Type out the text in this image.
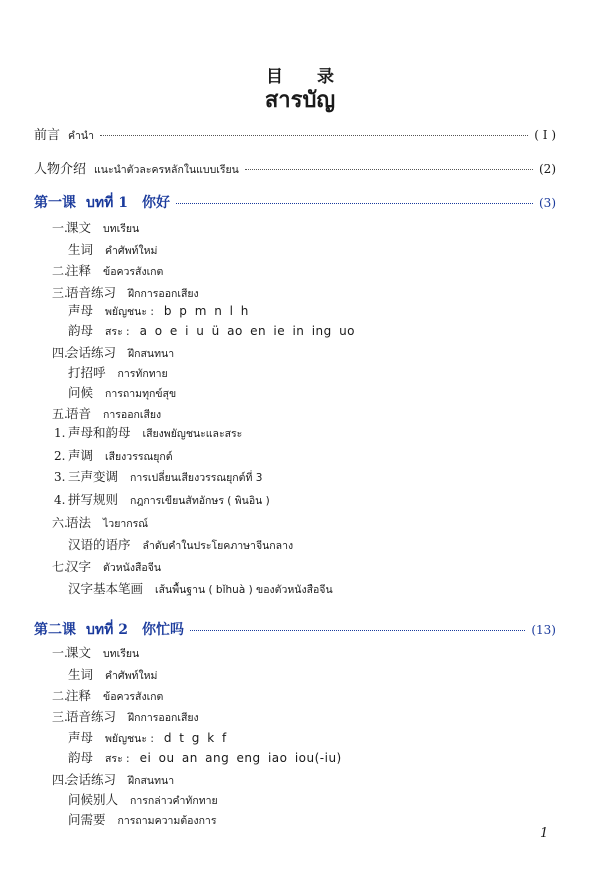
目 录
สารบัญ
前言 คำนำ	( I )
人物介绍 แนะนำตัวละครหลักในแบบเรียน	(2)
第一课 บทที่ 1 你好	(3)
一.
课文 บทเรียน
生词 คำศัพท์ใหม่
二.
注释 ข้อควรสังเกต
三.
语音练习 ฝึกการออกเสียง
声母 พยัญชนะ : b p m n l h
韵母 สระ : a o e i u ü ao en ie in ing uo
四.
会话练习 ฝึกสนทนา
打招呼 การทักทาย
问候 การถามทุกข์สุข
五.
语音 การออกเสียง
1. 声母和韵母 เสียงพยัญชนะและสระ
2. 声调 เสียงวรรณยุกต์
3. 三声变调 การเปลี่ยนเสียงวรรณยุกต์ที่ 3
4. 拼写规则 กฎการเขียนสัทอักษร ( พินอิน )
六.
语法 ไวยากรณ์
汉语的语序 ลำดับคำในประโยคภาษาจีนกลาง
七.
汉字 ตัวหนังสือจีน
汉字基本笔画 เส้นพื้นฐาน ( bǐhuà ) ของตัวหนังสือจีน
第二课 บทที่ 2 你忙吗	(13)
一.
课文 บทเรียน
生词 คำศัพท์ใหม่
二.
注释 ข้อควรสังเกต
三.
语音练习 ฝึกการออกเสียง
声母 พยัญชนะ : d t g k f
韵母 สระ : ei ou an ang eng iao iou(-iu)
四.
会话练习 ฝึกสนทนา
问候别人 การกล่าวคำทักทาย
问需要 การถามความต้องการ
1
